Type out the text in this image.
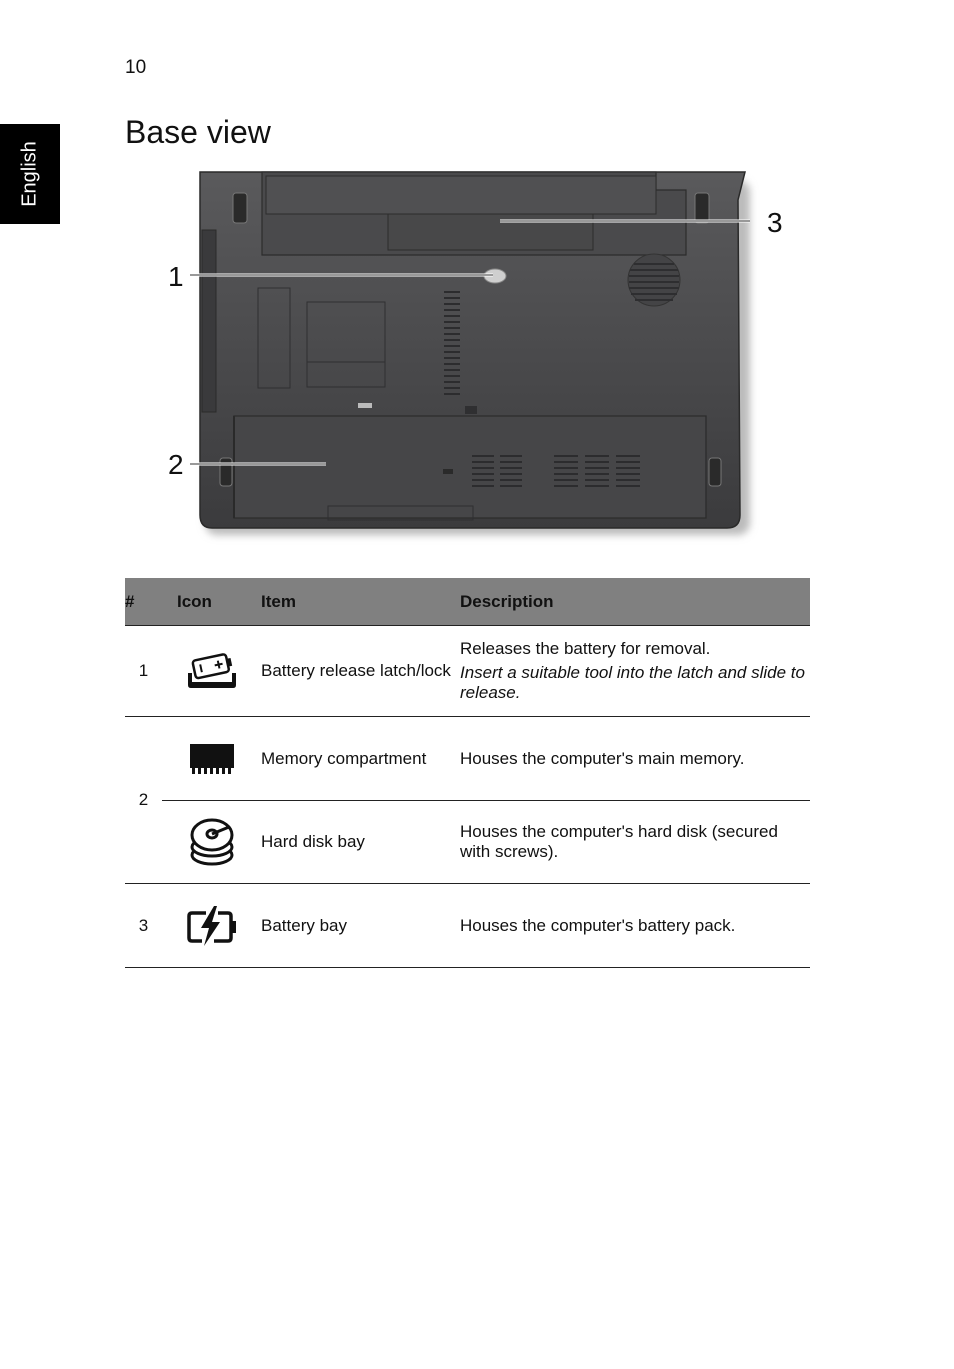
10
English
Base view
1
2
3
#	Icon	Item	Description
1		Battery release latch/lock	Releases the battery for removal.
Insert a suitable tool into the latch and slide to release.

2		Memory compartment	Houses the computer's main memory.

Hard disk bay	Houses the computer's hard disk (secured with screws).

3		Battery bay	Houses the computer's battery pack.
